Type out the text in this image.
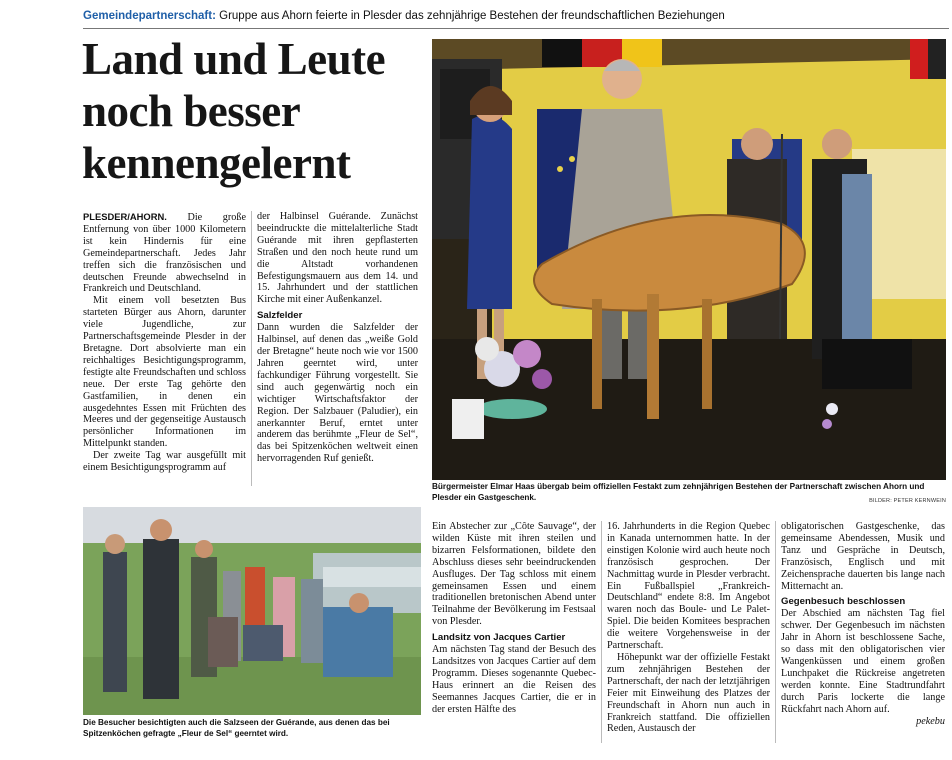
Gemeindepartnerschaft: Gruppe aus Ahorn feierte in Plesder das zehnjährige Bestehen der freundschaftlichen Beziehungen
Land und Leute
noch besser
kennengelernt

PLESDER/AHORN. Die große Entfernung von über 1000 Kilometern ist kein Hindernis für eine Gemeindepartnerschaft. Jedes Jahr treffen sich die französischen und deutschen Freunde abwechselnd in Frankreich und Deutschland.

Mit einem voll besetzten Bus starteten Bürger aus Ahorn, darunter viele Jugendliche, zur Partnerschaftsgemeinde Plesder in der Bretagne. Dort absolvierte man ein reichhaltiges Besichtigungsprogramm, festigte alte Freundschaften und schloss neue. Der erste Tag gehörte den Gastfamilien, in denen ein ausgedehntes Essen mit Früchten des Meeres und der gegenseitige Austausch persönlicher Informationen im Mittelpunkt standen.

Der zweite Tag war ausgefüllt mit einem Besichtigungsprogramm auf

der Halbinsel Guérande. Zunächst beeindruckte die mittelalterliche Stadt Guérande mit ihren gepflasterten Straßen und den noch heute rund um die Altstadt vorhandenen Befestigungsmauern aus dem 14. und 15. Jahrhundert und der stattlichen Kirche mit einer Außenkanzel.

Salzfelder

Dann wurden die Salzfelder der Halbinsel, auf denen das „weiße Gold der Bretagne“ heute noch wie vor 1500 Jahren geerntet wird, unter fachkundiger Führung vorgestellt. Sie sind auch gegenwärtig noch ein wichtiger Wirtschaftsfaktor der Region. Der Salzbauer (Paludier), ein anerkannter Beruf, erntet unter anderem das berühmte „Fleur de Sel“, das bei Spitzenköchen weltweit einen hervorragenden Ruf genießt.

Bürgermeister Elmar Haas übergab beim offiziellen Festakt zum zehnjährigen Bestehen der Partnerschaft zwischen Ahorn und Plesder ein Gastgeschenk.	BILDER: PETER KERNWEIN
Die Besucher besichtigten auch die Salzseen der Guérande, aus denen das bei Spitzenköchen gefragte „Fleur de Sel“ geerntet wird.

Ein Abstecher zur „Côte Sauvage“, der wilden Küste mit ihren steilen und bizarren Felsformationen, bildete den Abschluss dieses sehr beeindruckenden Ausfluges. Der Tag schloss mit einem gemeinsamen Essen und einem traditionellen bretonischen Abend unter Teilnahme der Bevölkerung im Festsaal von Plesder.

Landsitz von Jacques Cartier

Am nächsten Tag stand der Besuch des Landsitzes von Jacques Cartier auf dem Programm. Dieses sogenannte Quebec-Haus erinnert an die Reisen des Seemannes Jacques Cartier, die er in der ersten Hälfte des

16. Jahrhunderts in die Region Quebec in Kanada unternommen hatte. In der einstigen Kolonie wird auch heute noch französisch gesprochen. Der Nachmittag wurde in Plesder verbracht. Ein Fußballspiel „Frankreich-Deutschland“ endete 8:8. Im Angebot waren noch das Boule- und Le Palet-Spiel. Die beiden Komitees besprachen die weitere Vorgehensweise in der Partnerschaft.

Höhepunkt war der offizielle Festakt zum zehnjährigen Bestehen der Partnerschaft, der nach der letztjährigen Feier mit Einweihung des Platzes der Freundschaft in Ahorn nun auch in Frankreich stattfand. Die offiziellen Reden, Austausch der

obligatorischen Gastgeschenke, das gemeinsame Abendessen, Musik und Tanz und Gespräche in Deutsch, Französisch, Englisch und mit Zeichensprache dauerten bis lange nach Mitternacht an.

Gegenbesuch beschlossen

Der Abschied am nächsten Tag fiel schwer. Der Gegenbesuch im nächsten Jahr in Ahorn ist beschlossene Sache, so dass mit den obligatorischen vier Wangenküssen und einem großen Lunchpaket die Rückreise angetreten werden konnte. Eine Stadtrundfahrt durch Paris lockerte die lange Rückfahrt nach Ahorn auf.

pekebu
